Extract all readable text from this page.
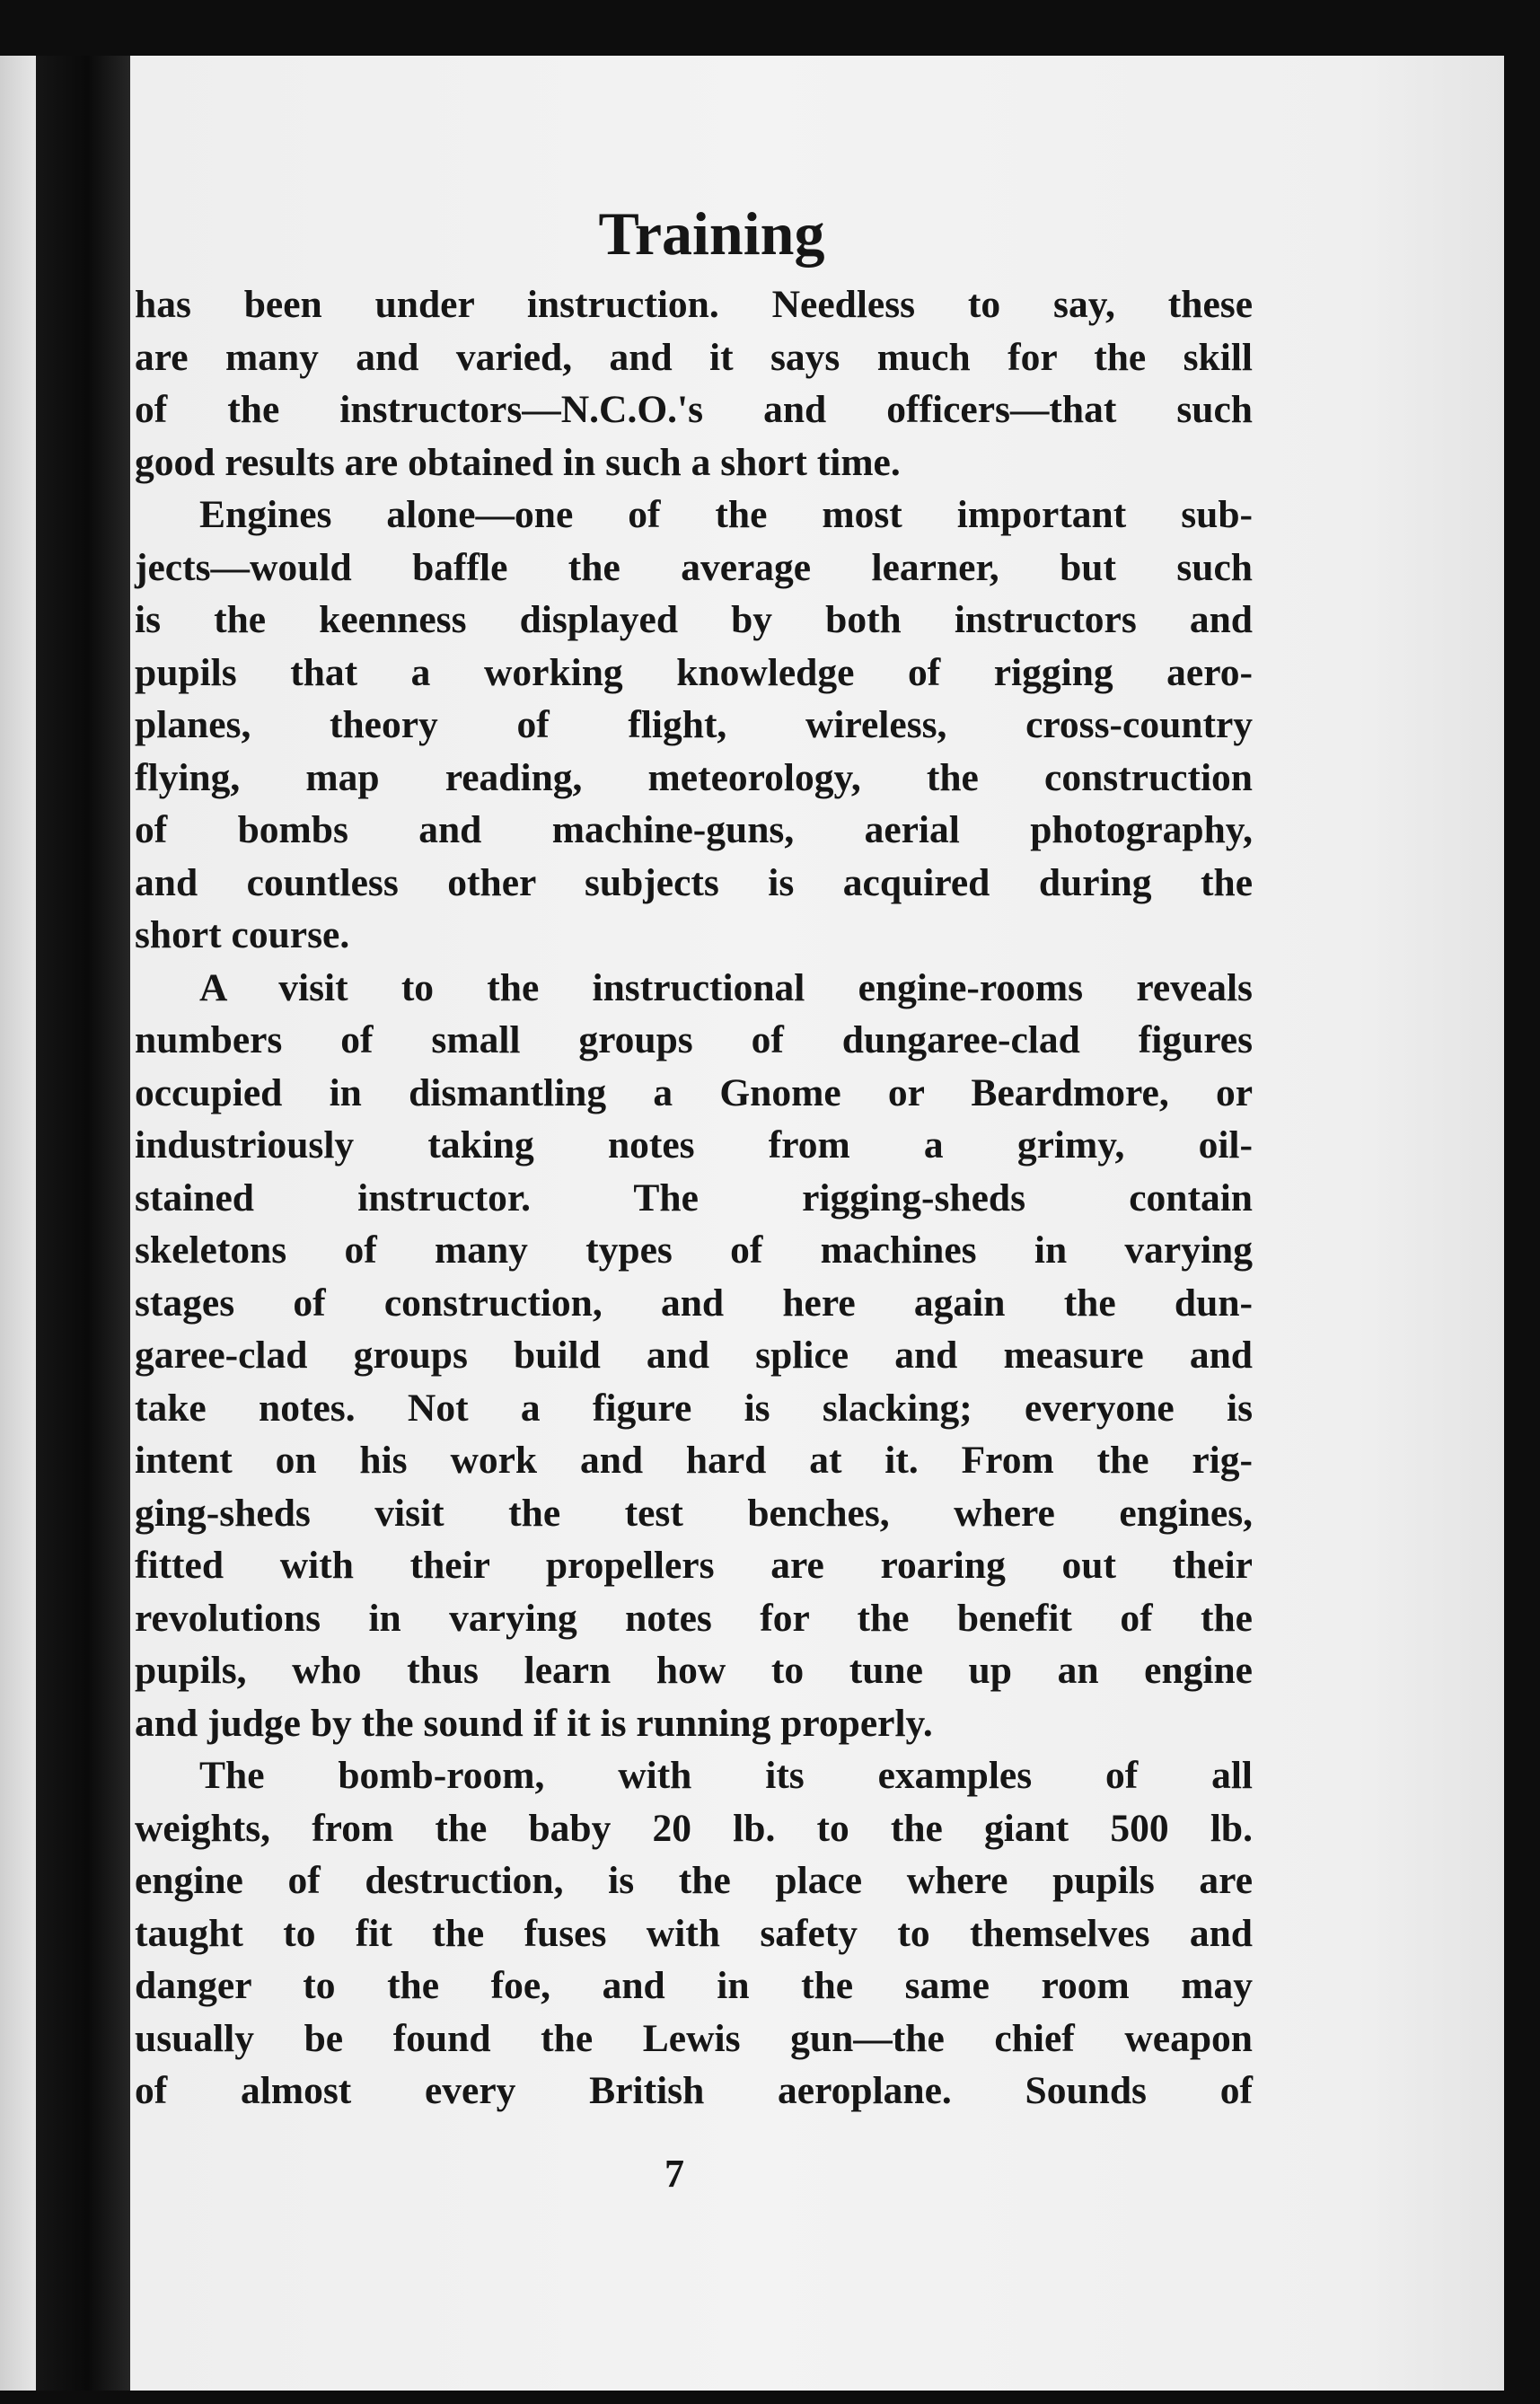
Training
has been under instruction. Needless to say, these
are many and varied, and it says much for the skill
of the instructors—N.C.O.'s and officers—that such
good results are obtained in such a short time.
Engines alone—one of the most important sub-
jects—would baffle the average learner, but such
is the keenness displayed by both instructors and
pupils that a working knowledge of rigging aero-
planes, theory of flight, wireless, cross-country
flying, map reading, meteorology, the construction
of bombs and machine-guns, aerial photography,
and countless other subjects is acquired during the
short course.
A visit to the instructional engine-rooms reveals
numbers of small groups of dungaree-clad figures
occupied in dismantling a Gnome or Beardmore, or
industriously taking notes from a grimy, oil-
stained instructor. The rigging-sheds contain
skeletons of many types of machines in varying
stages of construction, and here again the dun-
garee-clad groups build and splice and measure and
take notes. Not a figure is slacking; everyone is
intent on his work and hard at it. From the rig-
ging-sheds visit the test benches, where engines,
fitted with their propellers are roaring out their
revolutions in varying notes for the benefit of the
pupils, who thus learn how to tune up an engine
and judge by the sound if it is running properly.
The bomb-room, with its examples of all
weights, from the baby 20 lb. to the giant 500 lb.
engine of destruction, is the place where pupils are
taught to fit the fuses with safety to themselves and
danger to the foe, and in the same room may
usually be found the Lewis gun—the chief weapon
of almost every British aeroplane. Sounds of
7
